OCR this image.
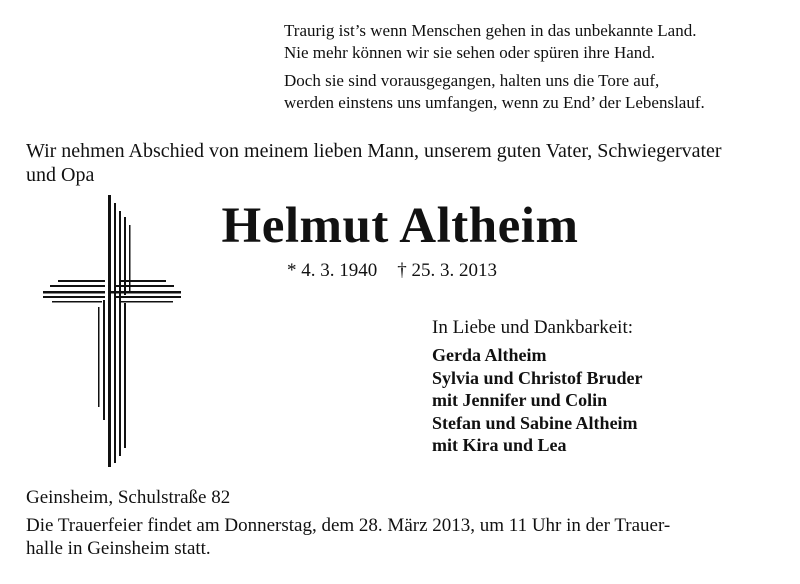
Traurig ist’s wenn Menschen gehen in das unbekannte Land.
Nie mehr können wir sie sehen oder spüren ihre Hand.
Doch sie sind vorausgegangen, halten uns die Tore auf,
werden einstens uns umfangen, wenn zu End’ der Lebenslauf.
Wir nehmen Abschied von meinem lieben Mann, unserem guten Vater, Schwiegervater
und Opa
Helmut Altheim
* 4. 3. 1940 † 25. 3. 2013
In Liebe und Dankbarkeit:
Gerda Altheim
Sylvia und Christof Bruder
mit Jennifer und Colin
Stefan und Sabine Altheim
mit Kira und Lea
Geinsheim, Schulstraße 82
Die Trauerfeier findet am Donnerstag, dem 28. März 2013, um 11 Uhr in der Trauer-
halle in Geinsheim statt.
